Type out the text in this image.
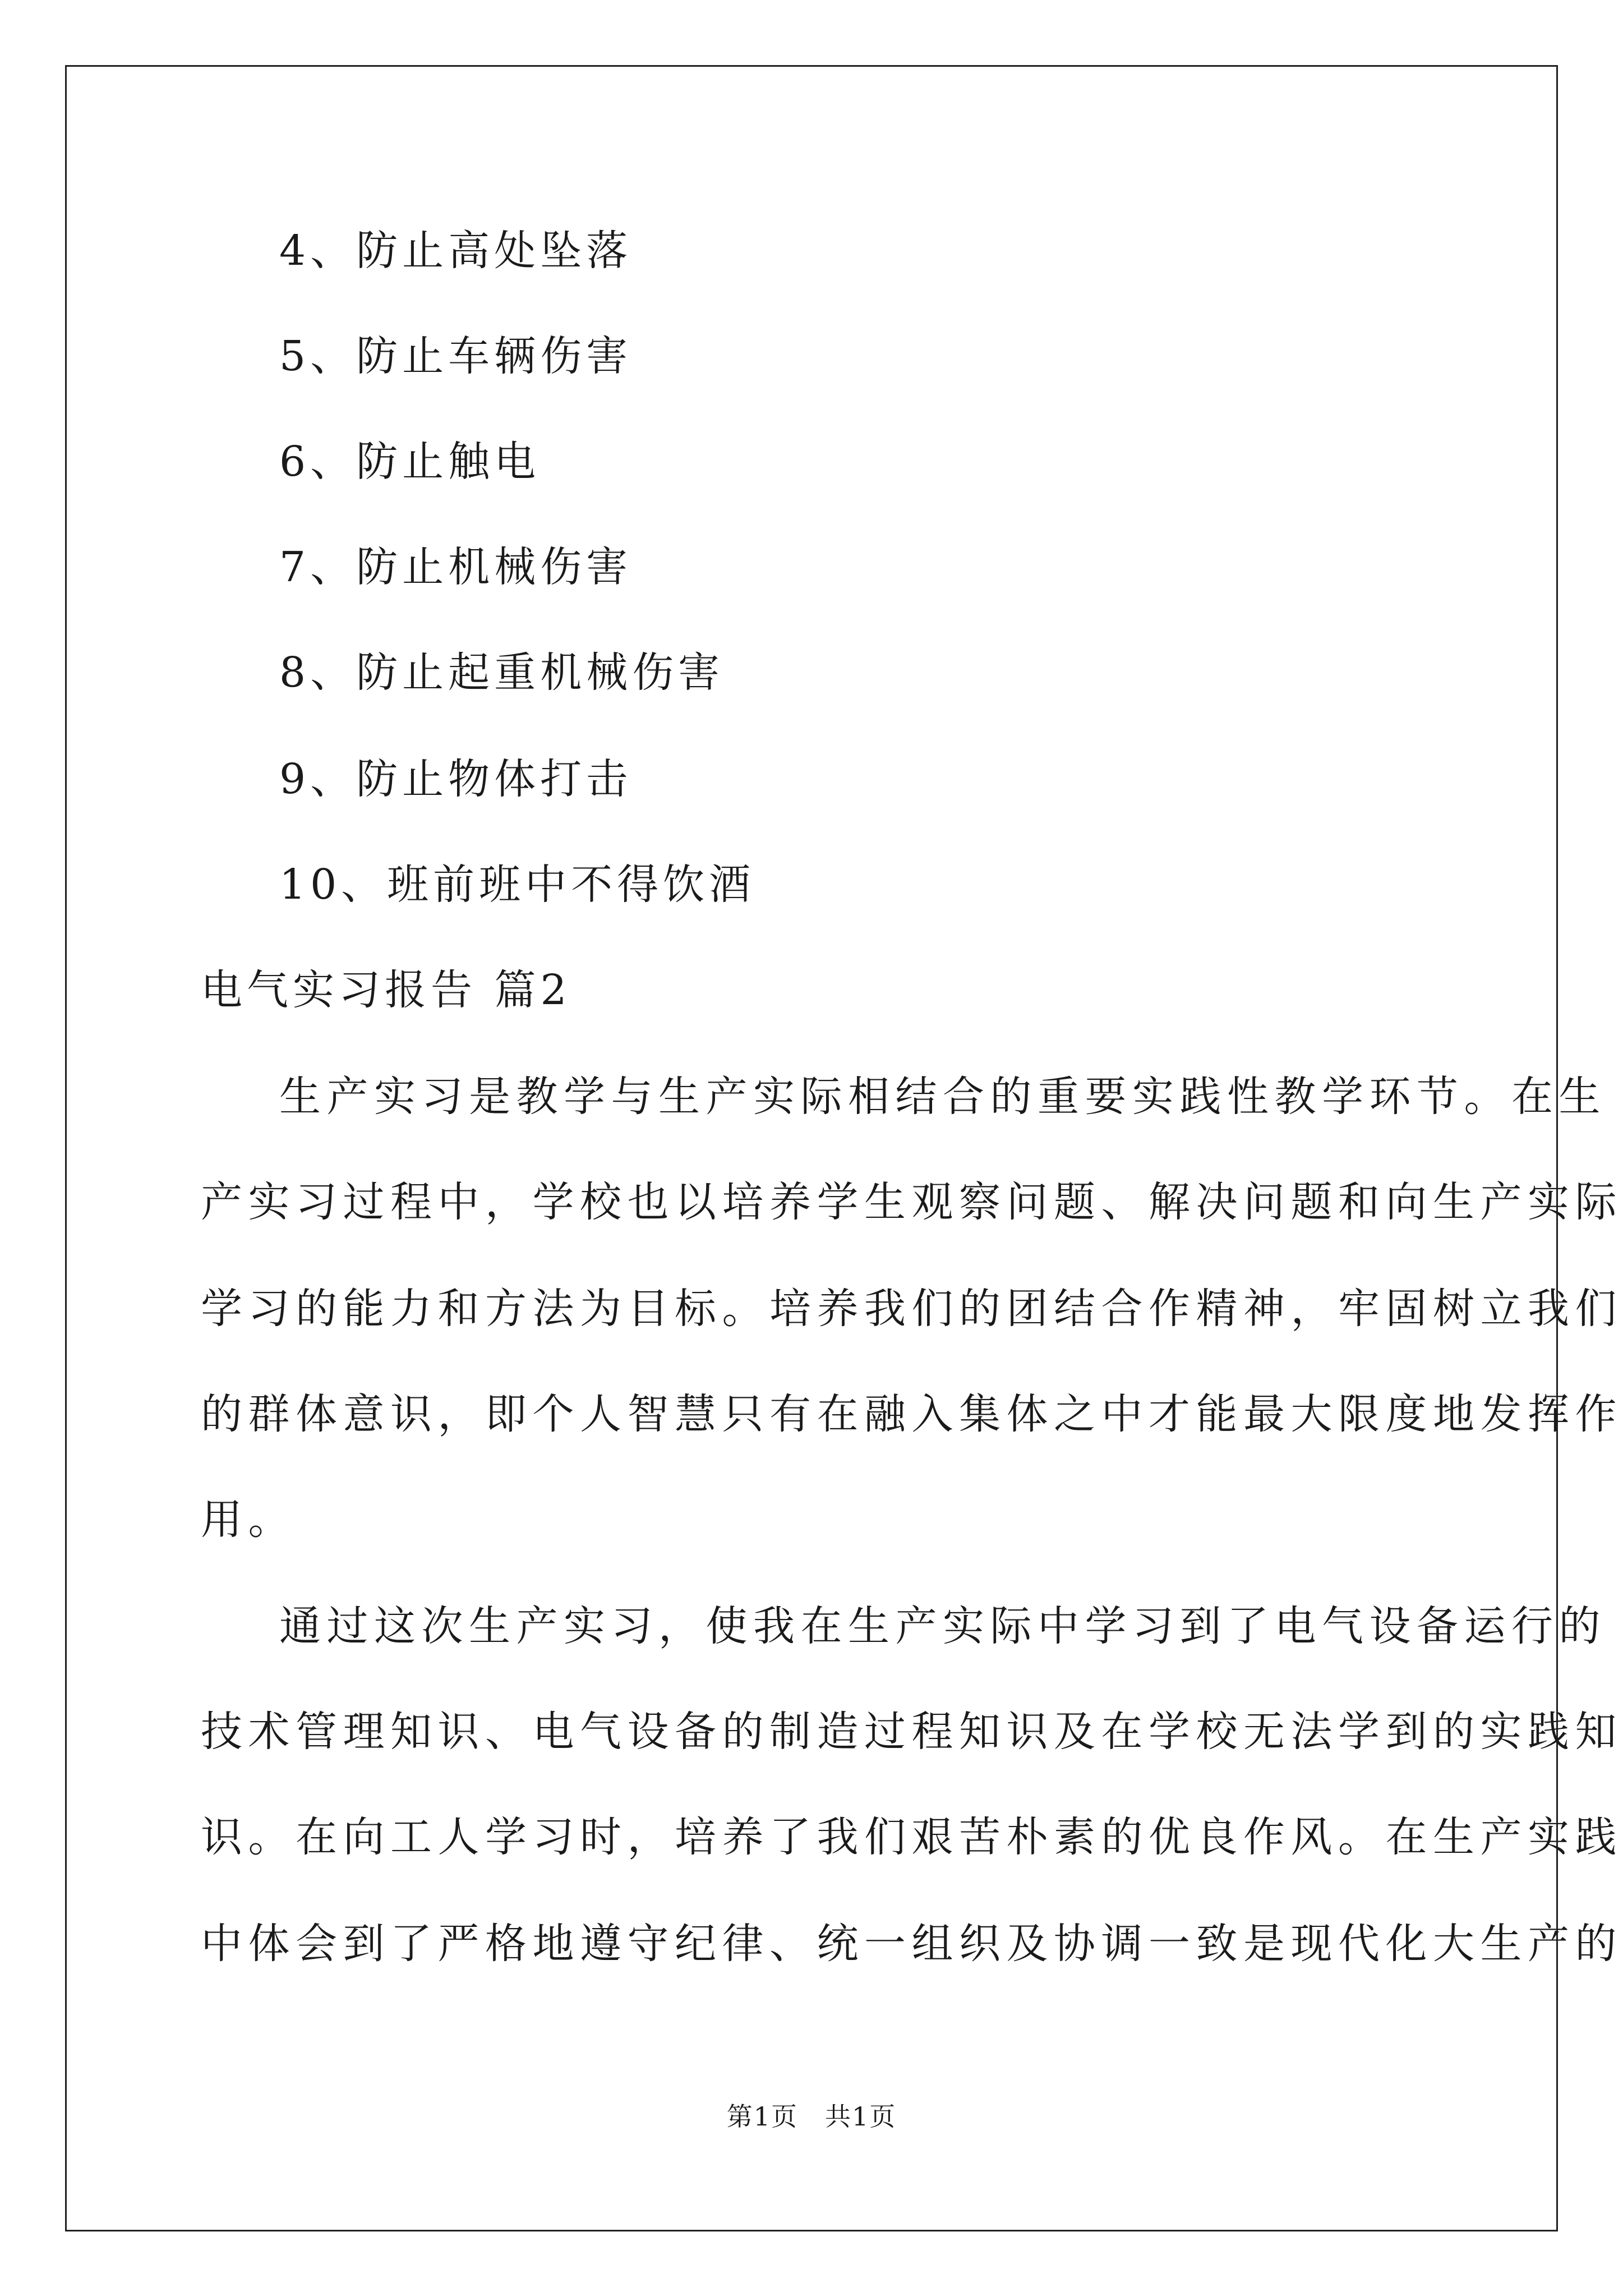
4、防止高处坠落
5、防止车辆伤害
6、防止触电
7、防止机械伤害
8、防止起重机械伤害
9、防止物体打击
10、班前班中不得饮酒
电气实习报告 篇2
生产实习是教学与生产实际相结合的重要实践性教学环节。在生
产实习过程中，学校也以培养学生观察问题、解决问题和向生产实际
学习的能力和方法为目标。培养我们的团结合作精神，牢固树立我们
的群体意识，即个人智慧只有在融入集体之中才能最大限度地发挥作
用。
通过这次生产实习，使我在生产实际中学习到了电气设备运行的
技术管理知识、电气设备的制造过程知识及在学校无法学到的实践知
识。在向工人学习时，培养了我们艰苦朴素的优良作风。在生产实践
中体会到了严格地遵守纪律、统一组织及协调一致是现代化大生产的
第1页　共1页
